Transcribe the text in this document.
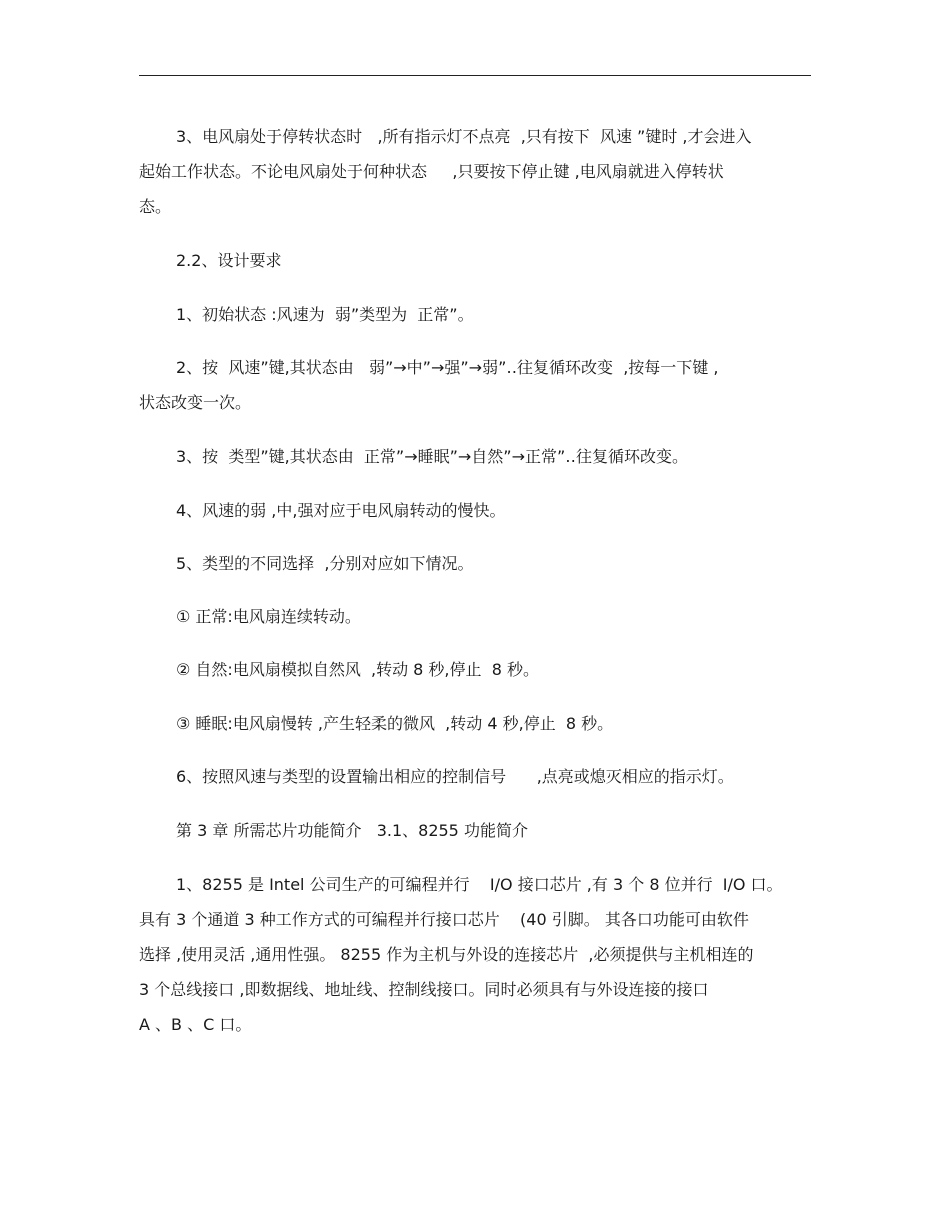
3、电风扇处于停转状态时   ,所有指示灯不点亮  ,只有按下  风速 ”键时 ,才会进入
起始工作状态。不论电风扇处于何种状态     ,只要按下停止键 ,电风扇就进入停转状
态。
2.2、设计要求
1、初始状态 :风速为  弱”类型为  正常”。
2、按  风速”键,其状态由   弱”→中”→强”→弱”‥往复循环改变  ,按每一下键 ,
状态改变一次。
3、按  类型”键,其状态由  正常”→睡眠”→自然”→正常”‥往复循环改变。
4、风速的弱 ,中,强对应于电风扇转动的慢快。
5、类型的不同选择  ,分别对应如下情况。
① 正常:电风扇连续转动。
② 自然:电风扇模拟自然风  ,转动 8 秒,停止  8 秒。
③ 睡眠:电风扇慢转 ,产生轻柔的微风  ,转动 4 秒,停止  8 秒。
6、按照风速与类型的设置输出相应的控制信号      ,点亮或熄灭相应的指示灯。
第 3 章 所需芯片功能简介   3.1、8255 功能简介
1、8255 是 Intel 公司生产的可编程并行    I/O 接口芯片 ,有 3 个 8 位并行  I/O 口。
具有 3 个通道 3 种工作方式的可编程并行接口芯片    (40 引脚。 其各口功能可由软件
选择 ,使用灵活 ,通用性强。 8255 作为主机与外设的连接芯片  ,必须提供与主机相连的
3 个总线接口 ,即数据线、地址线、控制线接口。同时必须具有与外设连接的接口
A 、B 、C 口。
